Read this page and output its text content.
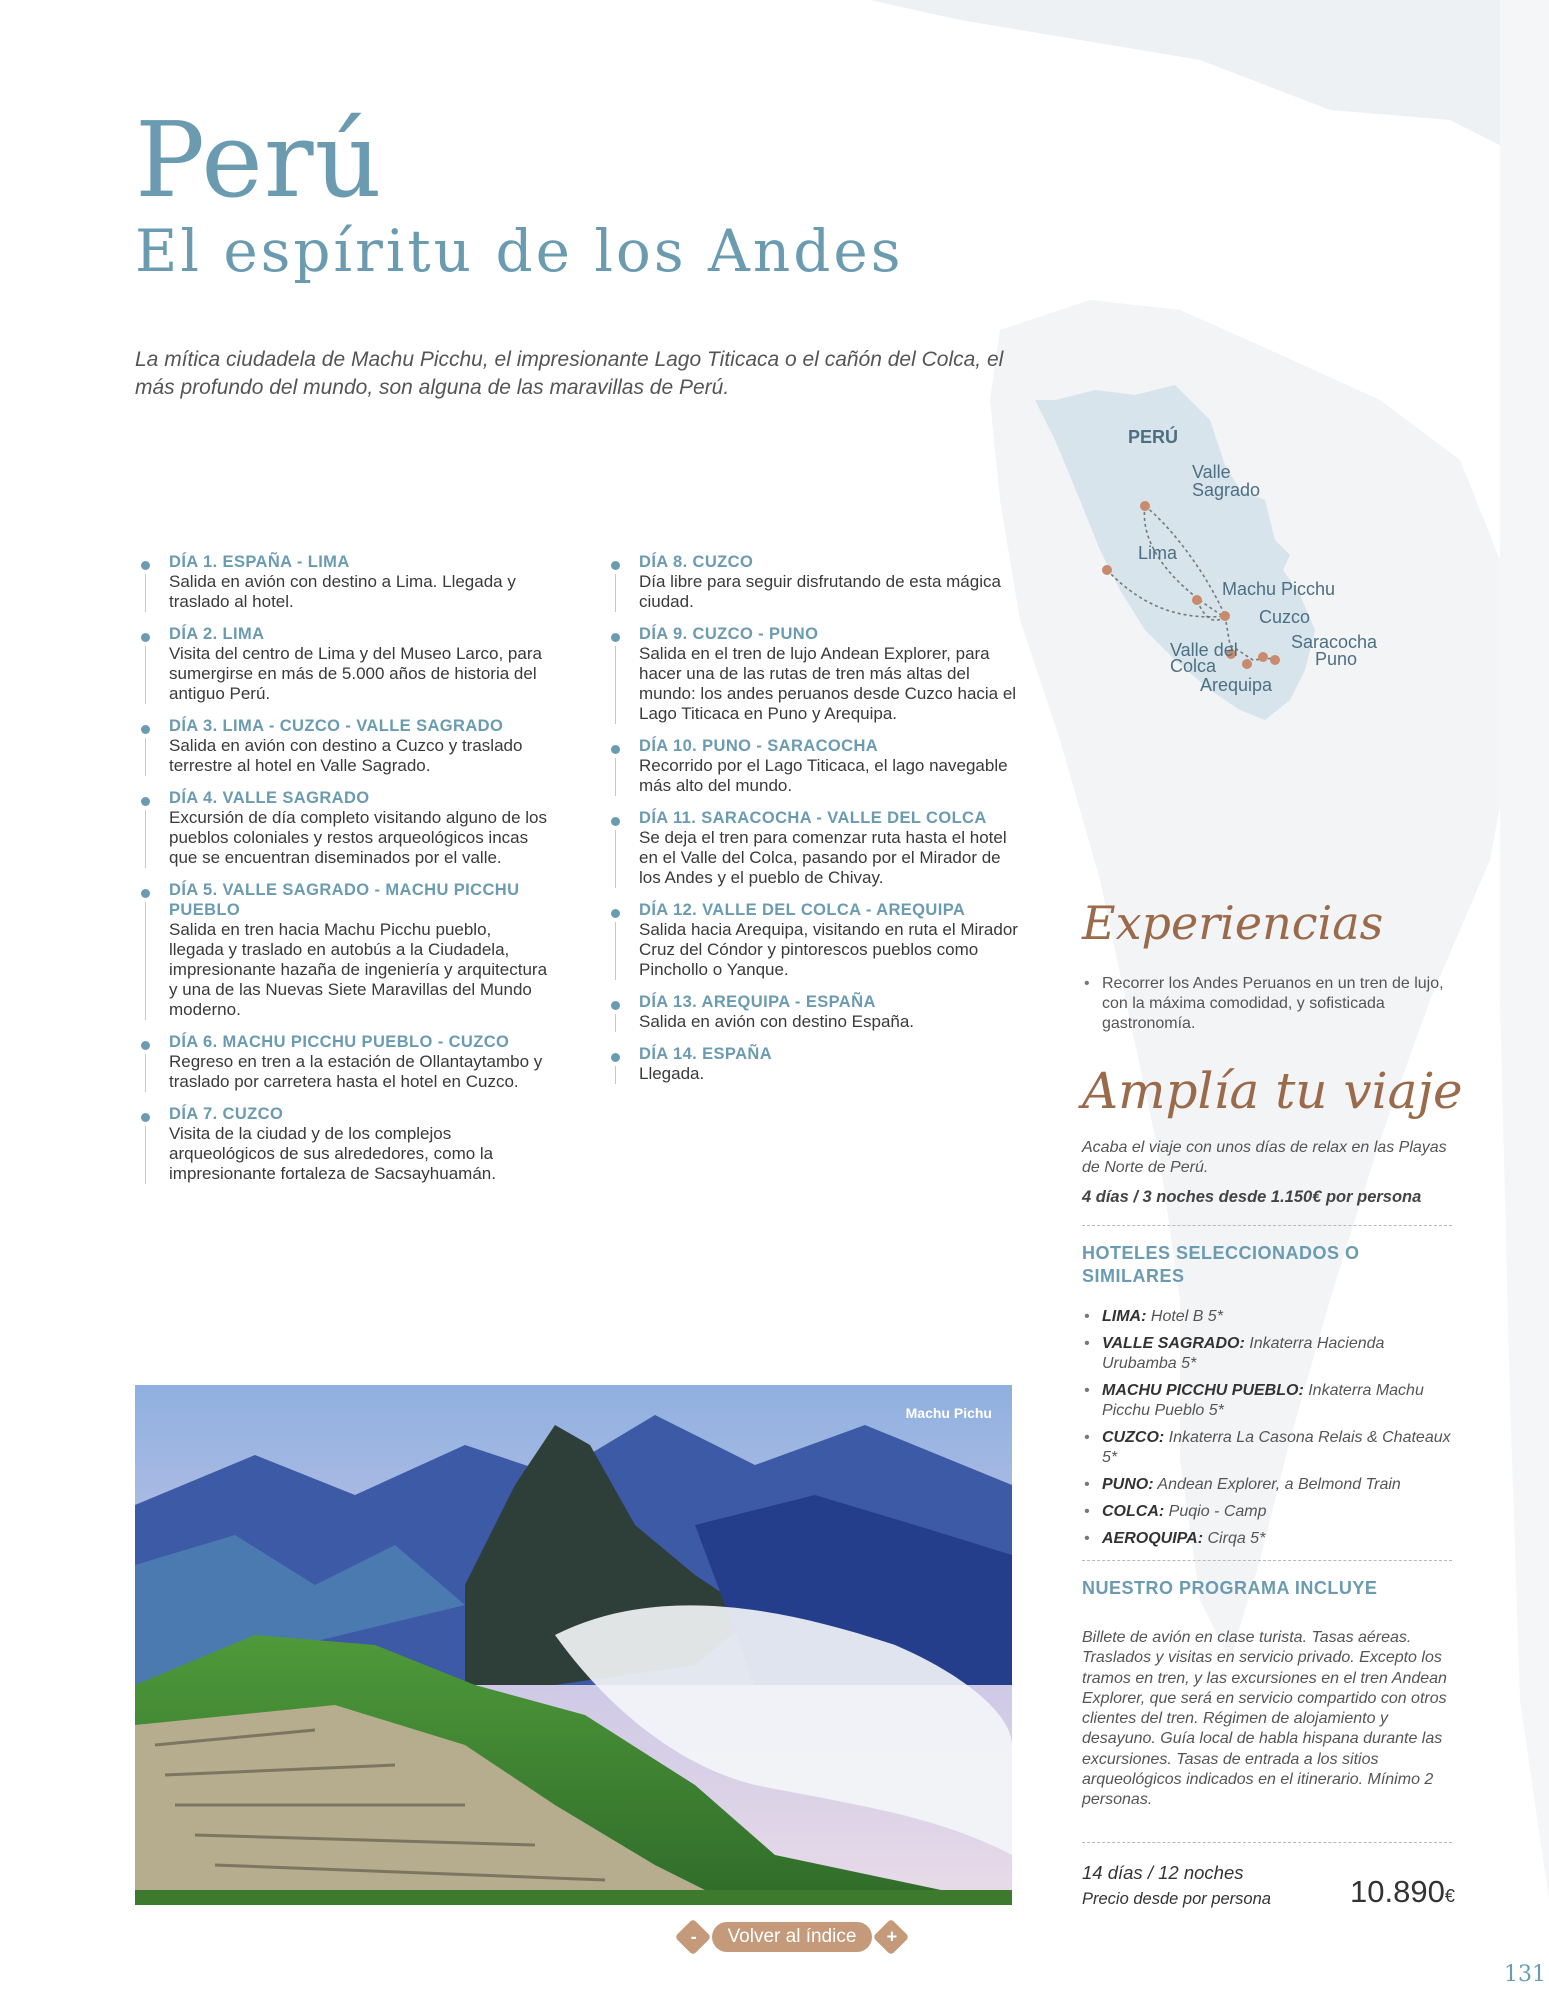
Perú
El espíritu de los Andes
La mítica ciudadela de Machu Picchu, el impresionante Lago Titicaca o el cañón del Colca, el más profundo del mundo, son alguna de las maravillas de Perú.
DÍA 1. ESPAÑA - LIMA
Salida en avión con destino a Lima. Llegada y traslado al hotel.
DÍA 2. LIMA
Visita del centro de Lima y del Museo Larco, para sumergirse en más de 5.000 años de historia del antiguo Perú.
DÍA 3. LIMA - CUZCO - VALLE SAGRADO
Salida en avión con destino a Cuzco y traslado terrestre al hotel en Valle Sagrado.
DÍA 4. VALLE SAGRADO
Excursión de día completo visitando alguno de los pueblos coloniales y restos arqueológicos incas que se encuentran diseminados por el valle.
DÍA 5. VALLE SAGRADO - MACHU PICCHU PUEBLO
Salida en tren hacia Machu Picchu pueblo, llegada y traslado en autobús a la Ciudadela, impresionante hazaña de ingeniería y arquitectura y una de las Nuevas Siete Maravillas del Mundo moderno.
DÍA 6. MACHU PICCHU PUEBLO - CUZCO
Regreso en tren a la estación de Ollantaytambo y traslado por carretera hasta el hotel en Cuzco.
DÍA 7. CUZCO
Visita de la ciudad y de los complejos arqueológicos de sus alrededores, como la impresionante fortaleza de Sacsayhuamán.
DÍA 8. CUZCO
Día libre para seguir disfrutando de esta mágica ciudad.
DÍA 9. CUZCO - PUNO
Salida en el tren de lujo Andean Explorer, para hacer una de las rutas de tren más altas del mundo: los andes peruanos desde Cuzco hacia el Lago Titicaca en Puno y Arequipa.
DÍA 10. PUNO - SARACOCHA
Recorrido por el Lago Titicaca, el lago navegable más alto del mundo.
DÍA 11. SARACOCHA - VALLE DEL COLCA
Se deja el tren para comenzar ruta hasta el hotel en el Valle del Colca, pasando por el Mirador de los Andes y el pueblo de Chivay.
DÍA 12. VALLE DEL COLCA - AREQUIPA
Salida hacia Arequipa, visitando en ruta el Mirador Cruz del Cóndor y pintorescos pueblos como Pinchollo o Yanque.
DÍA 13. AREQUIPA - ESPAÑA
Salida en avión con destino España.
DÍA 14. ESPAÑA
Llegada.
PERÚ
Valle
Sagrado
Lima
Machu Picchu
Cuzco
Saracocha
Puno
Valle del
Colca
Arequipa
Machu Pichu
-	Volver al índice	+
131
Experiencias
• Recorrer los Andes Peruanos en un tren de lujo, con la máxima comodidad, y sofisticada gastronomía.
Amplía tu viaje
Acaba el viaje con unos días de relax en las Playas de Norte de Perú.
4 días / 3 noches desde 1.150€ por persona
HOTELES SELECCIONADOS O SIMILARES
• LIMA: Hotel B 5*
• VALLE SAGRADO: Inkaterra Hacienda Urubamba 5*
• MACHU PICCHU PUEBLO: Inkaterra Machu Picchu Pueblo 5*
• CUZCO: Inkaterra La Casona Relais & Chateaux 5*
• PUNO: Andean Explorer, a Belmond Train
• COLCA: Puqio - Camp
• AEROQUIPA: Cirqa 5*
NUESTRO PROGRAMA INCLUYE
Billete de avión en clase turista. Tasas aéreas. Traslados y visitas en servicio privado. Excepto los tramos en tren, y las excursiones en el tren Andean Explorer, que será en servicio compartido con otros clientes del tren. Régimen de alojamiento y desayuno. Guía local de habla hispana durante las excursiones. Tasas de entrada a los sitios arqueológicos indicados en el itinerario. Mínimo 2 personas.
14 días / 12 noches
Precio desde por persona	10.890€
